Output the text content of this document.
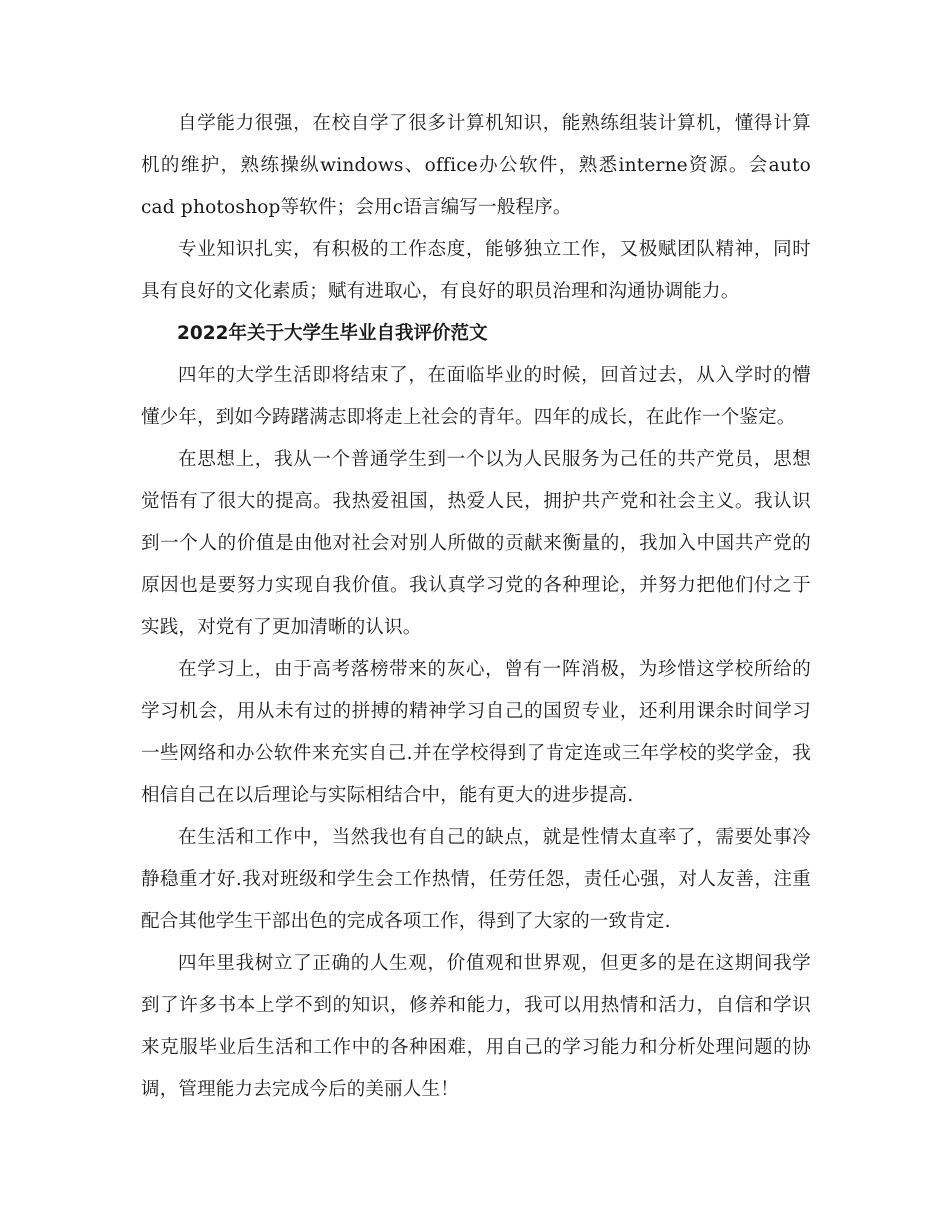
自学能力很强，在校自学了很多计算机知识，能熟练组装计算机，懂得计算机的维护，熟练操纵windows、office办公软件，熟悉interne资源。会auto cad photoshop等软件；会用c语言编写一般程序。

专业知识扎实，有积极的工作态度，能够独立工作，又极赋团队精神，同时具有良好的文化素质；赋有进取心，有良好的职员治理和沟通协调能力。

2022年关于大学生毕业自我评价范文

四年的大学生活即将结束了，在面临毕业的时候，回首过去，从入学时的懵懂少年，到如今踌躇满志即将走上社会的青年。四年的成长，在此作一个鉴定。

在思想上，我从一个普通学生到一个以为人民服务为己任的共产党员，思想觉悟有了很大的提高。我热爱祖国，热爱人民，拥护共产党和社会主义。我认识到一个人的价值是由他对社会对别人所做的贡献来衡量的，我加入中国共产党的原因也是要努力实现自我价值。我认真学习党的各种理论，并努力把他们付之于实践，对党有了更加清晰的认识。

在学习上，由于高考落榜带来的灰心，曾有一阵消极，为珍惜这学校所给的学习机会，用从未有过的拼搏的精神学习自己的国贸专业，还利用课余时间学习一些网络和办公软件来充实自己.并在学校得到了肯定连或三年学校的奖学金，我相信自己在以后理论与实际相结合中，能有更大的进步提高.

在生活和工作中，当然我也有自己的缺点，就是性情太直率了，需要处事冷静稳重才好.我对班级和学生会工作热情，任劳任怨，责任心强，对人友善，注重配合其他学生干部出色的完成各项工作，得到了大家的一致肯定.

四年里我树立了正确的人生观，价值观和世界观，但更多的是在这期间我学到了许多书本上学不到的知识，修养和能力，我可以用热情和活力，自信和学识来克服毕业后生活和工作中的各种困难，用自己的学习能力和分析处理问题的协调，管理能力去完成今后的美丽人生！
